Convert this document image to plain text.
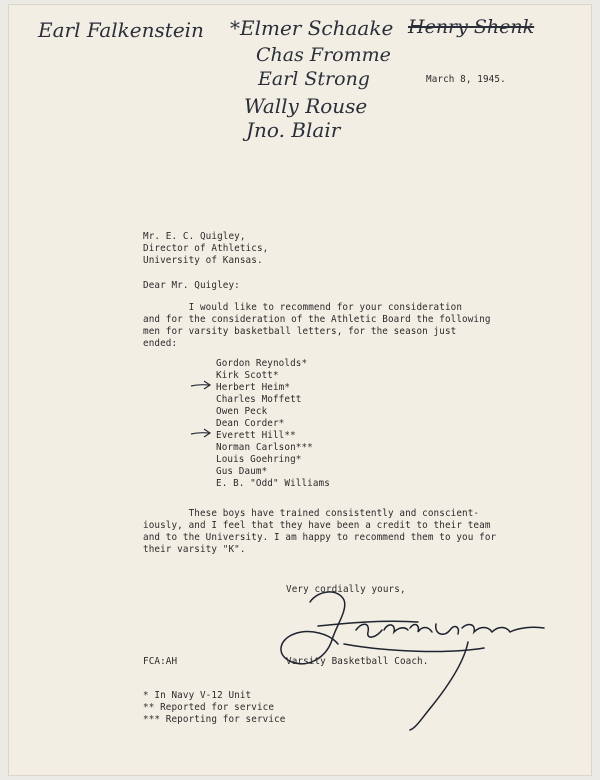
Earl Falkenstein *Elmer Schaake Henry Shenk
Chas Fromme
Earl Strong
Wally Rouse
Jno. Blair
March 8, 1945.
Mr. E. C. Quigley,
Director of Athletics,
University of Kansas.
Dear Mr. Quigley:
I would like to recommend for your consideration
and for the consideration of the Athletic Board the following
men for varsity basketball letters, for the season just
ended:
Gordon Reynolds*
Kirk Scott*
Herbert Heim*
Charles Moffett
Owen Peck
Dean Corder*
Everett Hill**
Norman Carlson***
Louis Goehring*
Gus Daum*
E. B. "Odd" Williams
These boys have trained consistently and conscient-
iously, and I feel that they have been a credit to their team
and to the University. I am happy to recommend them to you for
their varsity "K".
Very cordially yours,
Varsity Basketball Coach.
FCA:AH
* In Navy V-12 Unit
** Reported for service
*** Reporting for service
